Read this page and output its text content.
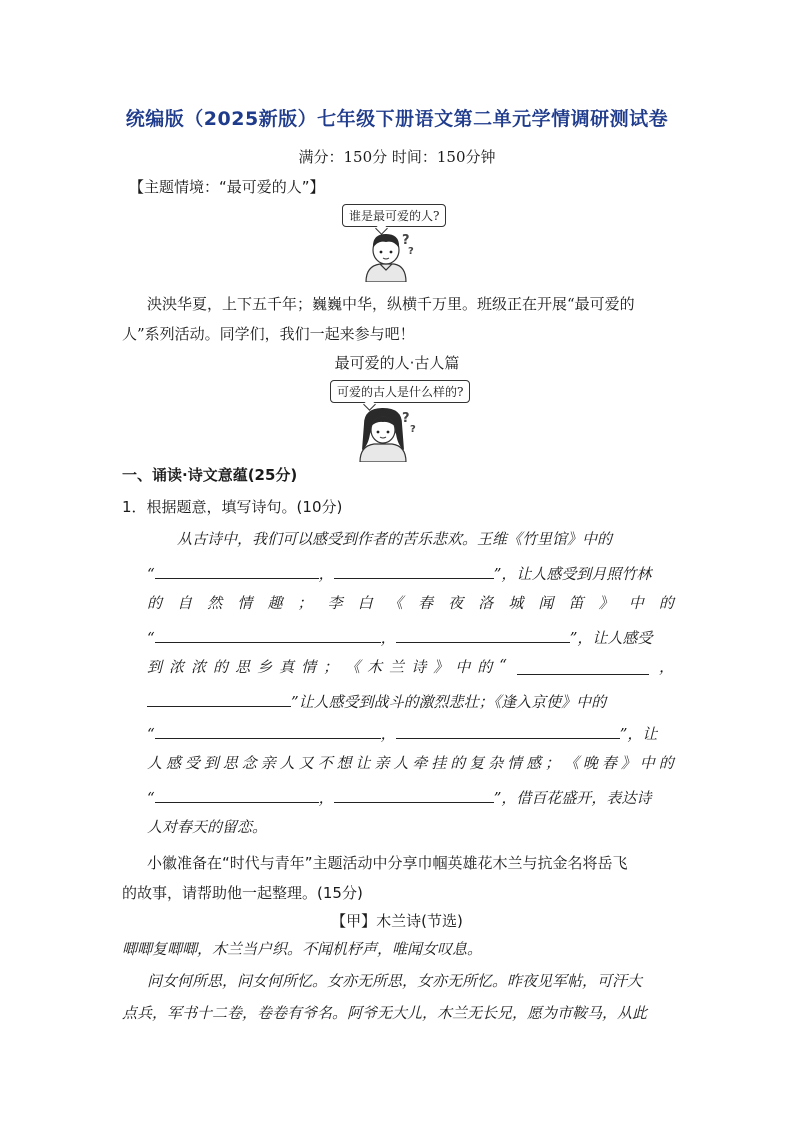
统编版（2025新版）七年级下册语文第二单元学情调研测试卷
满分：150分 时间：150分钟
【主题情境：“最可爱的人”】
谁是最可爱的人?
?
?
泱泱华夏，上下五千年；巍巍中华，纵横千万里。班级正在开展“最可爱的
人”系列活动。同学们，我们一起来参与吧！
最可爱的人·古人篇
可爱的古人是什么样的?
?
?
一、诵读·诗文意蕴(25分)
1．根据题意，填写诗句。(10分)
从古诗中，我们可以感受到作者的苦乐悲欢。王维《竹里馆》中的
“	，	”，让人感受到月照竹林
的 自 然 情 趣 ； 李 白 《 春 夜 洛 城 闻 笛 》 中 的
“	，	”，让人感受
到 浓 浓 的 思 乡 真 情 ； 《 木 兰 诗 》 中 的 “	，
”让人感受到战斗的激烈悲壮；《逢入京使》中的
“	，	”，让
人 感 受 到 思 念 亲 人 又 不 想 让 亲 人 牵 挂 的 复 杂 情 感 ； 《 晚 春 》 中 的
“	，	”，借百花盛开，表达诗
人对春天的留恋。
小徽准备在“时代与青年”主题活动中分享巾帼英雄花木兰与抗金名将岳飞
的故事，请帮助他一起整理。(15分)
【甲】木兰诗(节选)
唧唧复唧唧，木兰当户织。不闻机杼声，唯闻女叹息。
问女何所思，问女何所忆。女亦无所思，女亦无所忆。昨夜见军帖，可汗大
点兵，军书十二卷，卷卷有爷名。阿爷无大儿，木兰无长兄，愿为市鞍马，从此
